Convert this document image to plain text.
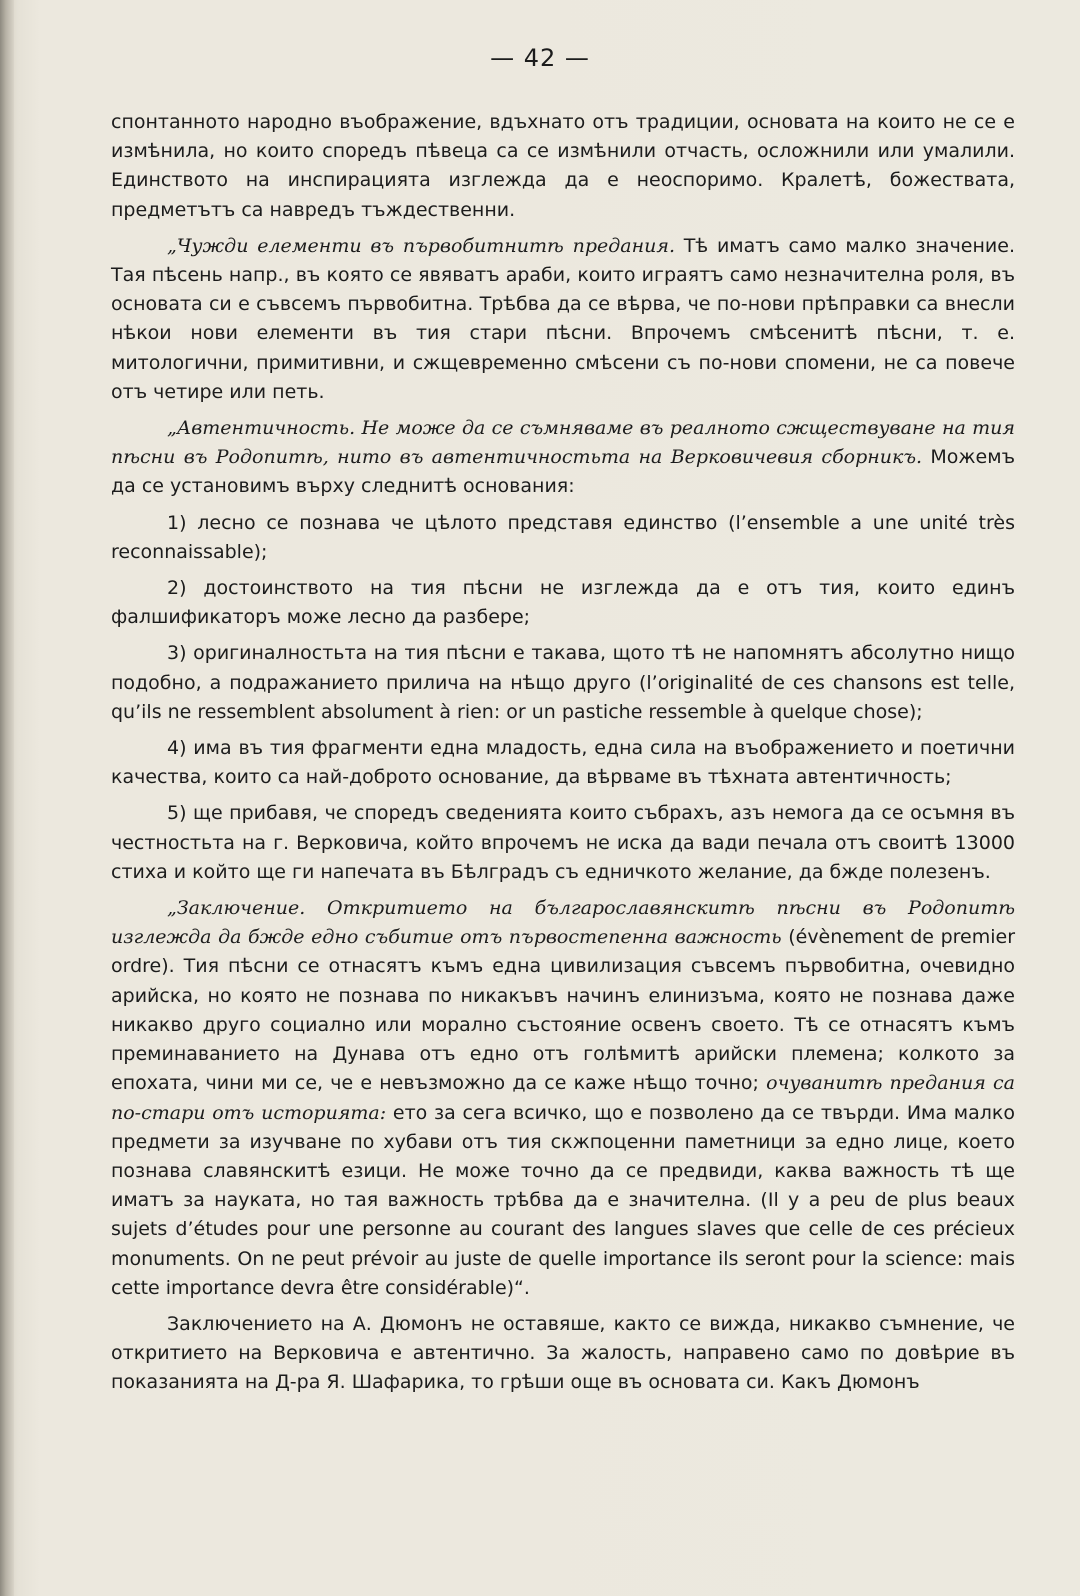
— 42 —

спонтанното народно въображение, вдъхнато отъ традиции, основата на които не се е измѣнила, но които споредъ пѣвеца са се измѣнили отчасть, осложнили или умалили. Единството на инспирацията изглежда да е неоспоримо. Кралетѣ, божествата, предметътъ са навредъ тъждественни.

„Чужди елементи въ първобитнитѣ предания. Тѣ иматъ само малко значение. Тая пѣсень напр., въ която се явяватъ араби, които играятъ само незначителна роля, въ основата си е съвсемъ първобитна. Трѣбва да се вѣрва, че по-нови прѣправки са внесли нѣкои нови елементи въ тия стари пѣсни. Впрочемъ смѣсенитѣ пѣсни, т. е. митологични, примитивни, и сжщевременно смѣсени съ по-нови спомени, не са повече отъ четире или петь.

„Автентичность. Не може да се съмняваме въ реалното сжществуване на тия пѣсни въ Родопитѣ, нито въ автентичностьта на Верковичевия сборникъ. Можемъ да се установимъ върху следнитѣ основания:

1) лесно се познава че цѣлото представя единство (l’ensemble a une unité très reconnaissable);

2) достоинството на тия пѣсни не изглежда да е отъ тия, които единъ фалшификаторъ може лесно да разбере;

3) оригиналностьта на тия пѣсни е такава, щото тѣ не напомнятъ абсолутно нищо подобно, а подражанието прилича на нѣщо друго (l’originalité de ces chansons est telle, qu’ils ne ressemblent absolument à rien: or un pastiche ressemble à quelque chose);

4) има въ тия фрагменти една младость, една сила на въображението и поетични качества, които са най-доброто основание, да вѣрваме въ тѣхната автентичность;

5) ще прибавя, че споредъ сведенията които събрахъ, азъ немога да се осъмня въ честностьта на г. Верковича, който впрочемъ не иска да вади печала отъ своитѣ 13000 стиха и който ще ги напечата въ Бѣлградъ съ едничкото желание, да бжде полезенъ.

„Заключение. Откритието на българославянскитѣ пѣсни въ Родопитѣ изглежда да бжде едно събитие отъ първостепенна важность (évènement de premier ordre). Тия пѣсни се отнасятъ къмъ една цивилизация съвсемъ първобитна, очевидно арийска, но която не познава по никакъвъ начинъ елинизъма, която не познава даже никакво друго социално или морално състояние освенъ своето. Тѣ се отнасятъ къмъ преминаванието на Дунава отъ едно отъ голѣмитѣ арийски племена; колкото за епохата, чини ми се, че е невъзможно да се каже нѣщо точно; очуванитѣ предания са по-стари отъ историята: ето за сега всичко, що е позволено да се твърди. Има малко предмети за изучване по хубави отъ тия скжпоценни паметници за едно лице, което познава славянскитѣ езици. Не може точно да се предвиди, каква важность тѣ ще иматъ за науката, но тая важность трѣбва да е значителна. (Il y a peu de plus beaux sujets d’études pour une personne au courant des langues slaves que celle de ces précieux monuments. On ne peut prévoir au juste de quelle importance ils seront pour la science: mais cette importance devra être considérable)“.

Заключението на А. Дюмонъ не оставяше, както се вижда, никакво съмнение, че откритието на Верковича е автентично. За жалость, направено само по довѣрие въ показанията на Д-ра Я. Шафарика, то грѣши още въ основата си. Какъ Дюмонъ
